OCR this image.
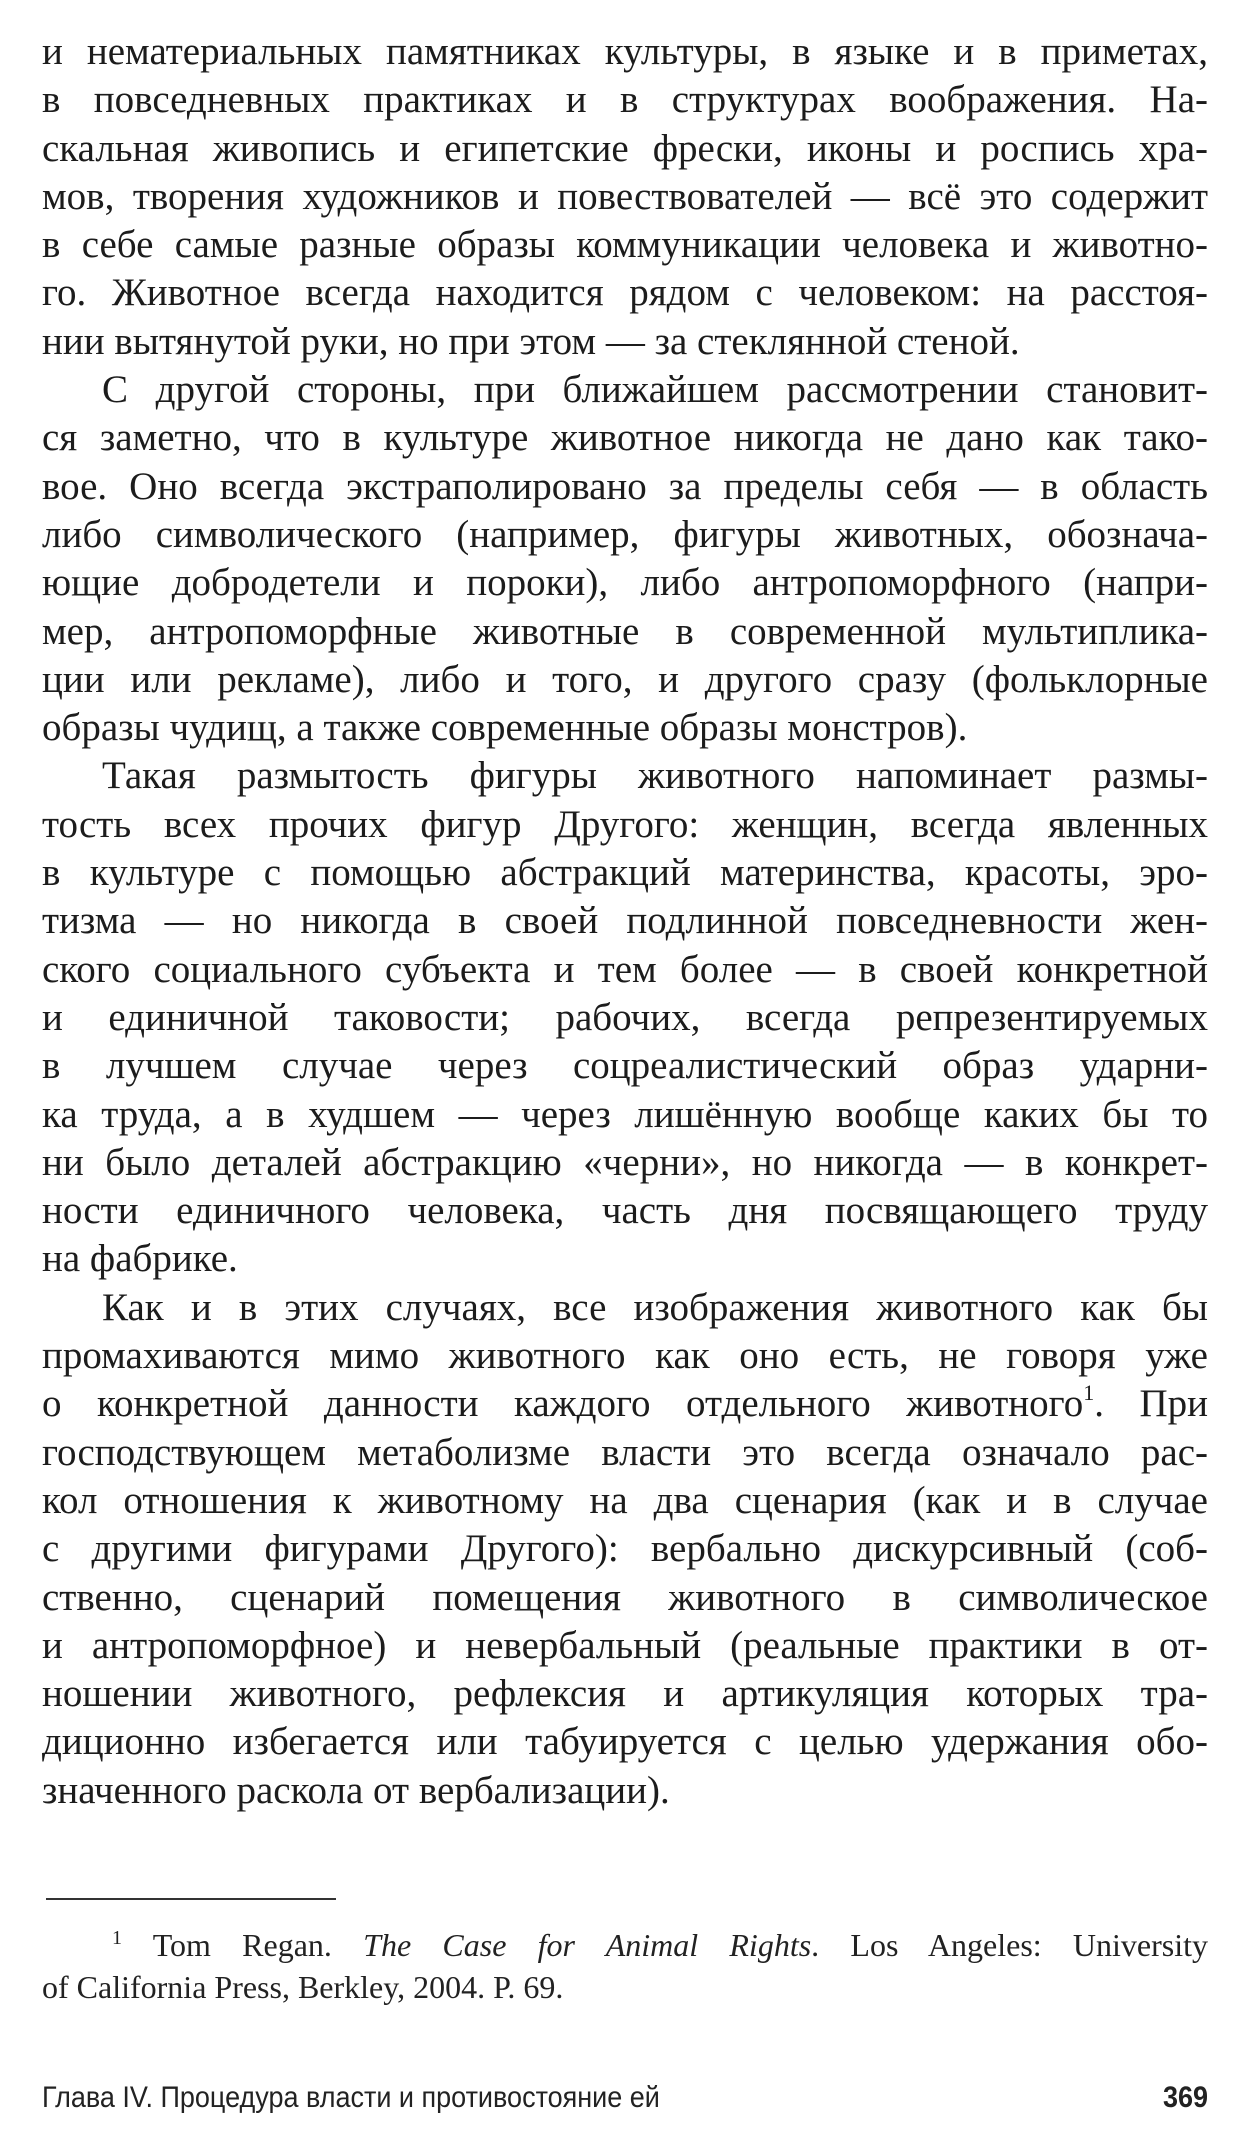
и нематериальных памятниках культуры, в языке и в приметах,
в повседневных практиках и в структурах воображения. На-
скальная живопись и египетские фрески, иконы и роспись хра-
мов, творения художников и повествователей — всё это содержит
в себе самые разные образы коммуникации человека и животно-
го. Животное всегда находится рядом с человеком: на расстоя-
нии вытянутой руки, но при этом — за стеклянной стеной.
С другой стороны, при ближайшем рассмотрении становит-
ся заметно, что в культуре животное никогда не дано как тако-
вое. Оно всегда экстраполировано за пределы себя — в область
либо символического (например, фигуры животных, обознача-
ющие добродетели и пороки), либо антропоморфного (напри-
мер, антропоморфные животные в современной мультиплика-
ции или рекламе), либо и того, и другого сразу (фольклорные
образы чудищ, а также современные образы монстров).
Такая размытость фигуры животного напоминает размы-
тость всех прочих фигур Другого: женщин, всегда явленных
в культуре с помощью абстракций материнства, красоты, эро-
тизма — но никогда в своей подлинной повседневности жен-
ского социального субъекта и тем более — в своей конкретной
и единичной таковости; рабочих, всегда репрезентируемых
в лучшем случае через соцреалистический образ ударни-
ка труда, а в худшем — через лишённую вообще каких бы то
ни было деталей абстракцию «черни», но никогда — в конкрет-
ности единичного человека, часть дня посвящающего труду
на фабрике.
Как и в этих случаях, все изображения животного как бы
промахиваются мимо животного как оно есть, не говоря уже
о конкретной данности каждого отдельного животного$^1$. При
господствующем метаболизме власти это всегда означало рас-
кол отношения к животному на два сценария (как и в случае
с другими фигурами Другого): вербально дискурсивный (соб-
ственно, сценарий помещения животного в символическое
и антропоморфное) и невербальный (реальные практики в от-
ношении животного, рефлексия и артикуляция которых тра-
диционно избегается или табуируется с целью удержания обо-
значенного раскола от вербализации).
$^1$ Tom Regan. The Case for Animal Rights. Los Angeles: University
of California Press, Berkley, 2004. P. 69.
Глава IV. Процедура власти и противостояние ей	369
